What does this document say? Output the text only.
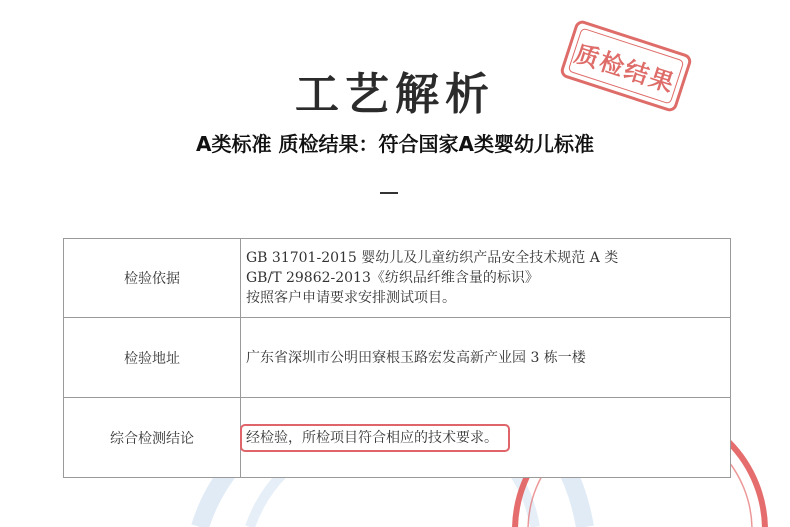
工艺解析
A类标准 质检结果：符合国家A类婴幼儿标准
质检结果
检验依据
GB 31701-2015 婴幼儿及儿童纺织产品安全技术规范 A 类
GB/T 29862-2013《纺织品纤维含量的标识》
按照客户申请要求安排测试项目。
检验地址	广东省深圳市公明田寮根玉路宏发高新产业园 3 栋一楼
综合检测结论	经检验，所检项目符合相应的技术要求。
